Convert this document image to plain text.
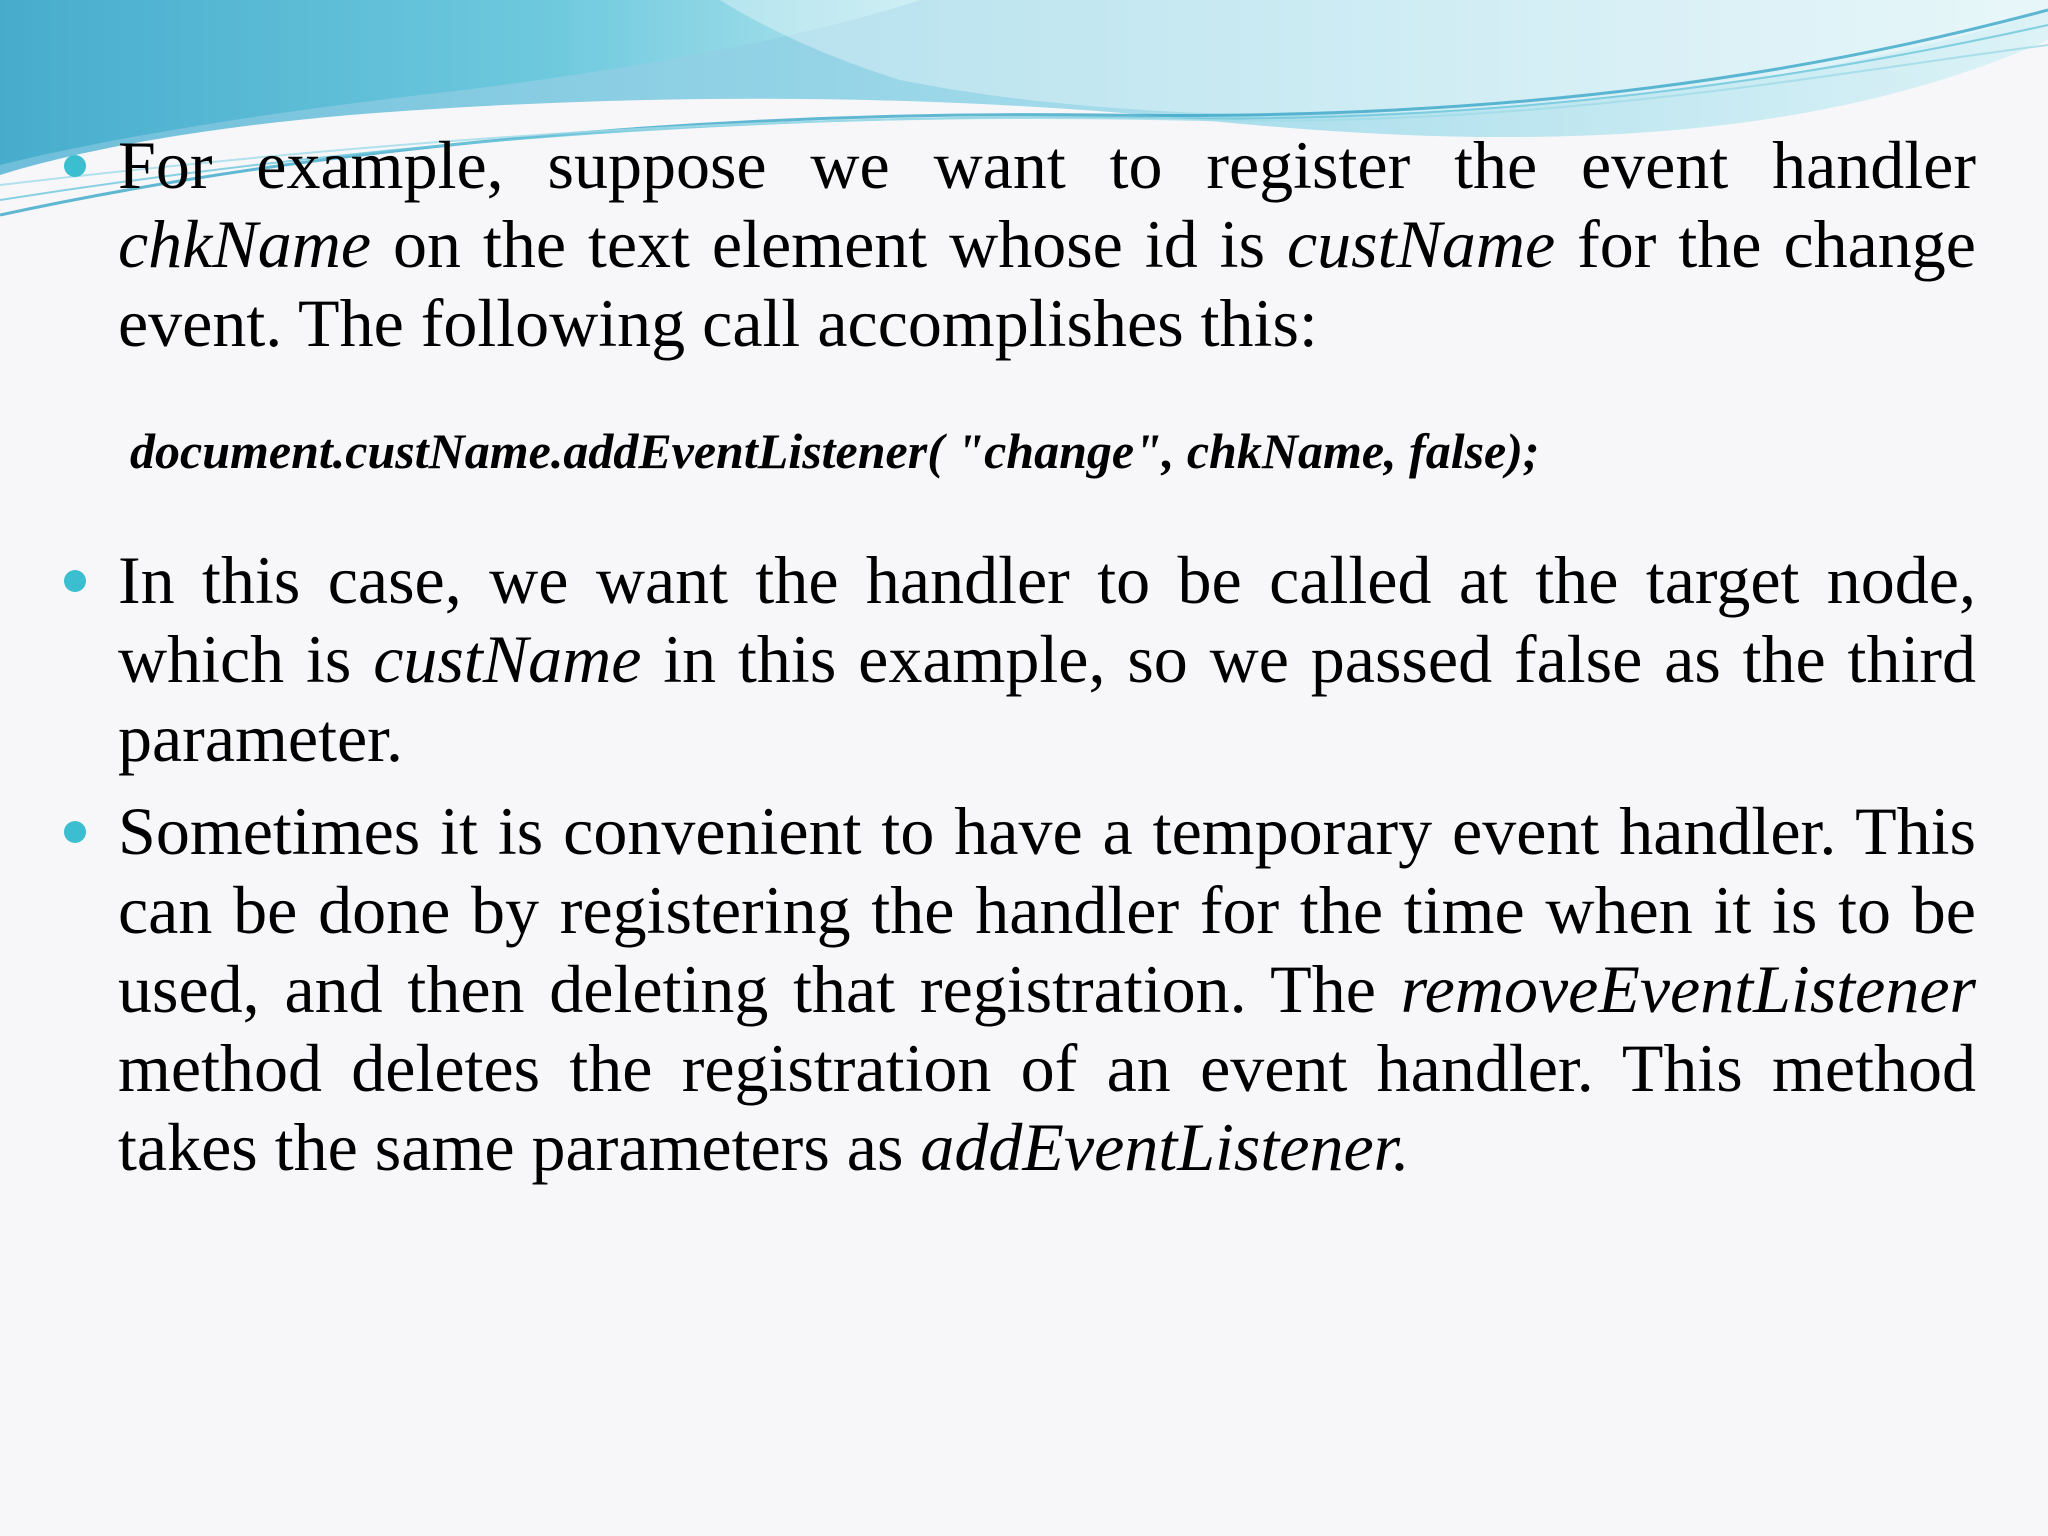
For example, suppose we want to register the event handler chkName on the text element whose id is custName for the change event. The following call accomplishes this:

document.custName.addEventListener( "change", chkName, false);

In this case, we want the handler to be called at the target node, which is custName in this example, so we passed false as the third parameter.

Sometimes it is convenient to have a temporary event handler. This can be done by registering the handler for the time when it is to be used, and then deleting that registration. The removeEventListener method deletes the registration of an event handler. This method takes the same parameters as addEventListener.
